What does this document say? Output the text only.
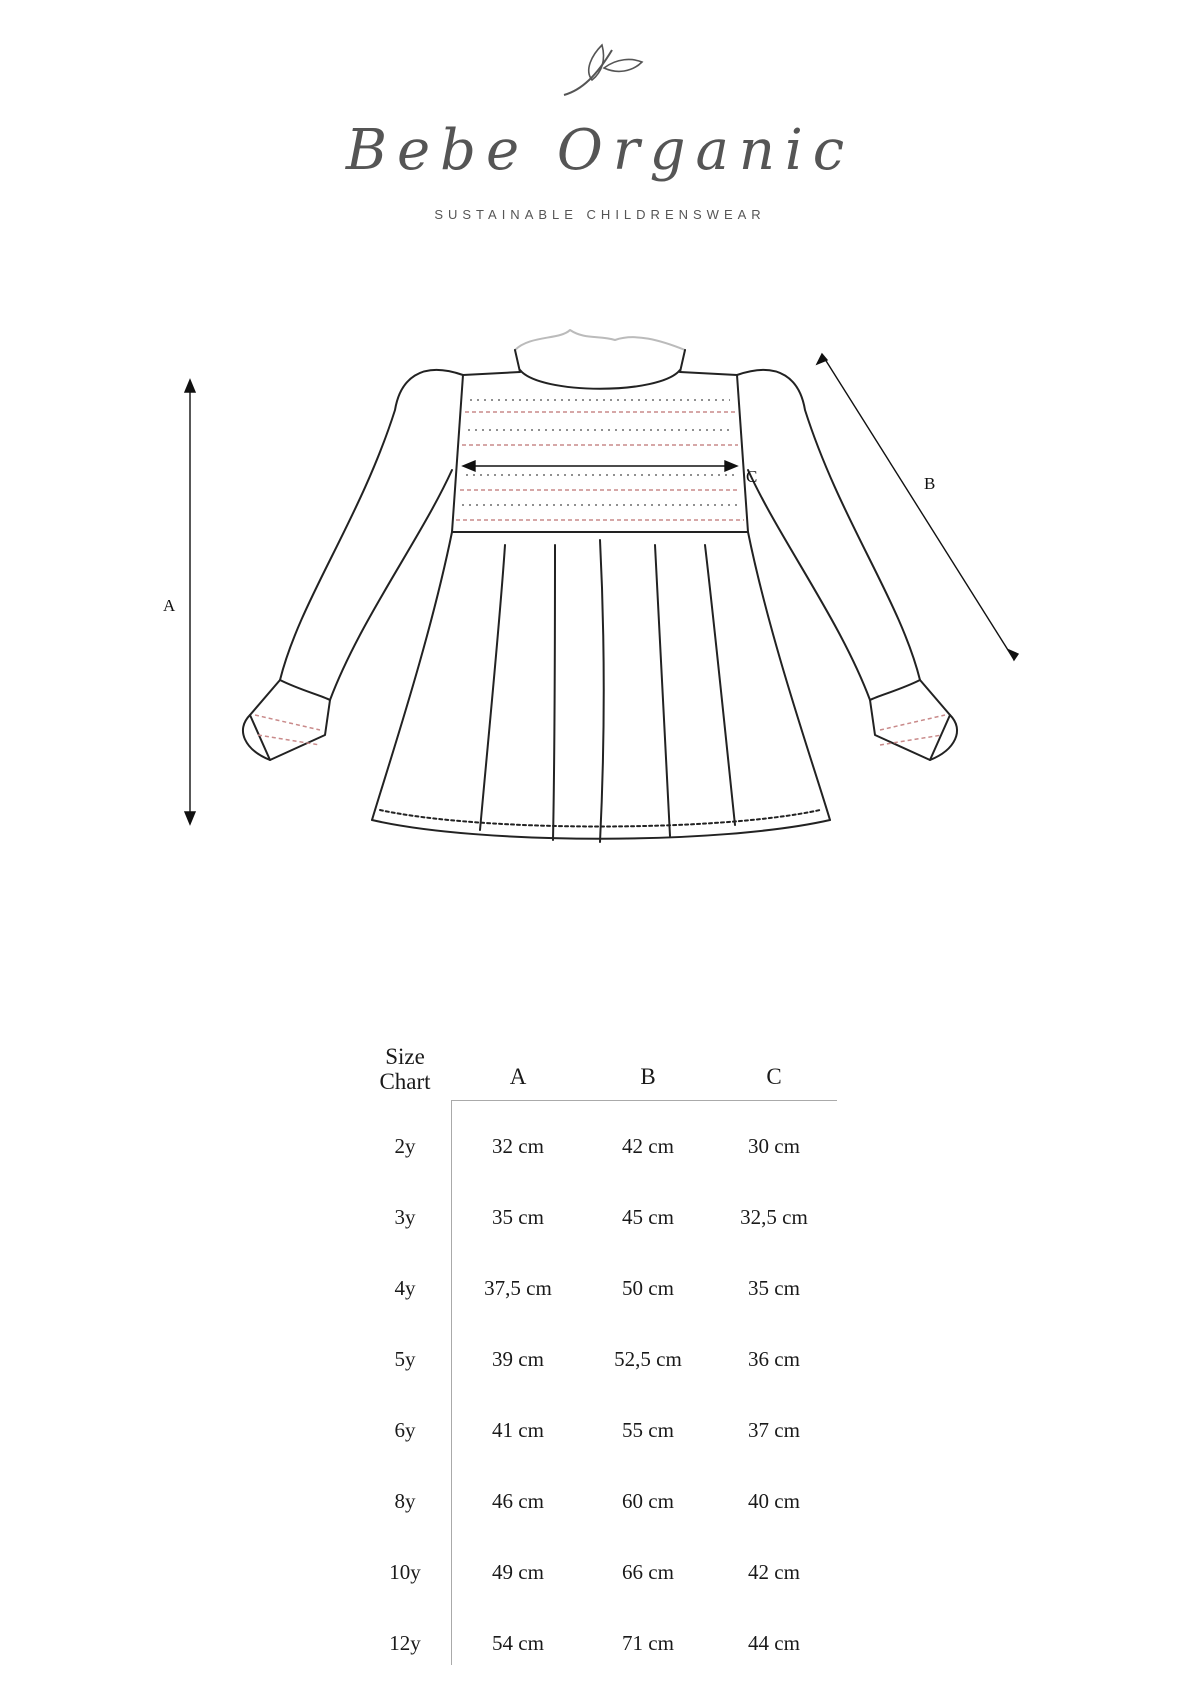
Bebe Organic
SUSTAINABLE CHILDRENSWEAR
A
B
C
Size Chart	A	B	C
2y	32 cm	42 cm	30 cm
3y	35 cm	45 cm	32,5 cm
4y	37,5 cm	50 cm	35 cm
5y	39 cm	52,5 cm	36 cm
6y	41 cm	55 cm	37 cm
8y	46 cm	60 cm	40 cm
10y	49 cm	66 cm	42 cm
12y	54 cm	71 cm	44 cm
